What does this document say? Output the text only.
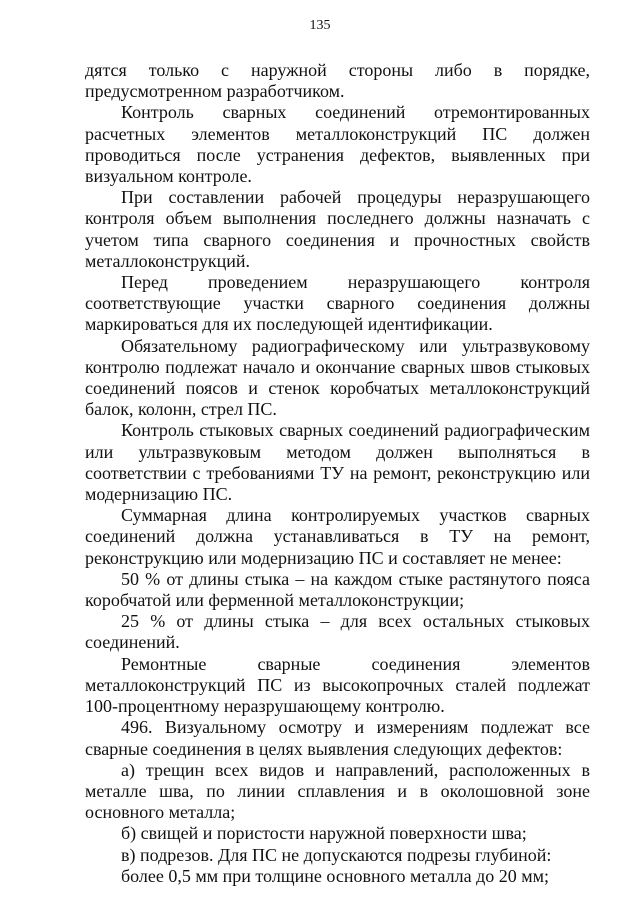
135

дятся только с наружной стороны либо в порядке, предусмотренном разработчиком.

Контроль сварных соединений отремонтированных расчетных элементов металлоконструкций ПС должен проводиться после устранения дефектов, выявленных при визуальном контроле.

При составлении рабочей процедуры неразрушающего контроля объем выполнения последнего должны назначать с учетом типа сварного соединения и прочностных свойств металлоконструкций.

Перед проведением неразрушающего контроля соответствующие участки сварного соединения должны маркироваться для их последующей идентификации.

Обязательному радиографическому или ультразвуковому контролю подлежат начало и окончание сварных швов стыковых соединений поясов и стенок коробчатых металлоконструкций балок, колонн, стрел ПС.

Контроль стыковых сварных соединений радиографическим или ультразвуковым методом должен выполняться в соответствии с требованиями ТУ на ремонт, реконструкцию или модернизацию ПС.

Суммарная длина контролируемых участков сварных соединений должна устанавливаться в ТУ на ремонт, реконструкцию или модернизацию ПС и составляет не менее:

50 % от длины стыка – на каждом стыке растянутого пояса коробчатой или ферменной металлоконструкции;

25 % от длины стыка – для всех остальных стыковых соединений.

Ремонтные сварные соединения элементов металлоконструкций ПС из высокопрочных сталей подлежат 100-процентному неразрушающему контролю.

496. Визуальному осмотру и измерениям подлежат все сварные соединения в целях выявления следующих дефектов:

а) трещин всех видов и направлений, расположенных в металле шва, по линии сплавления и в околошовной зоне основного металла;

б) свищей и пористости наружной поверхности шва;

в) подрезов. Для ПС не допускаются подрезы глубиной:

более 0,5 мм при толщине основного металла до 20 мм;
